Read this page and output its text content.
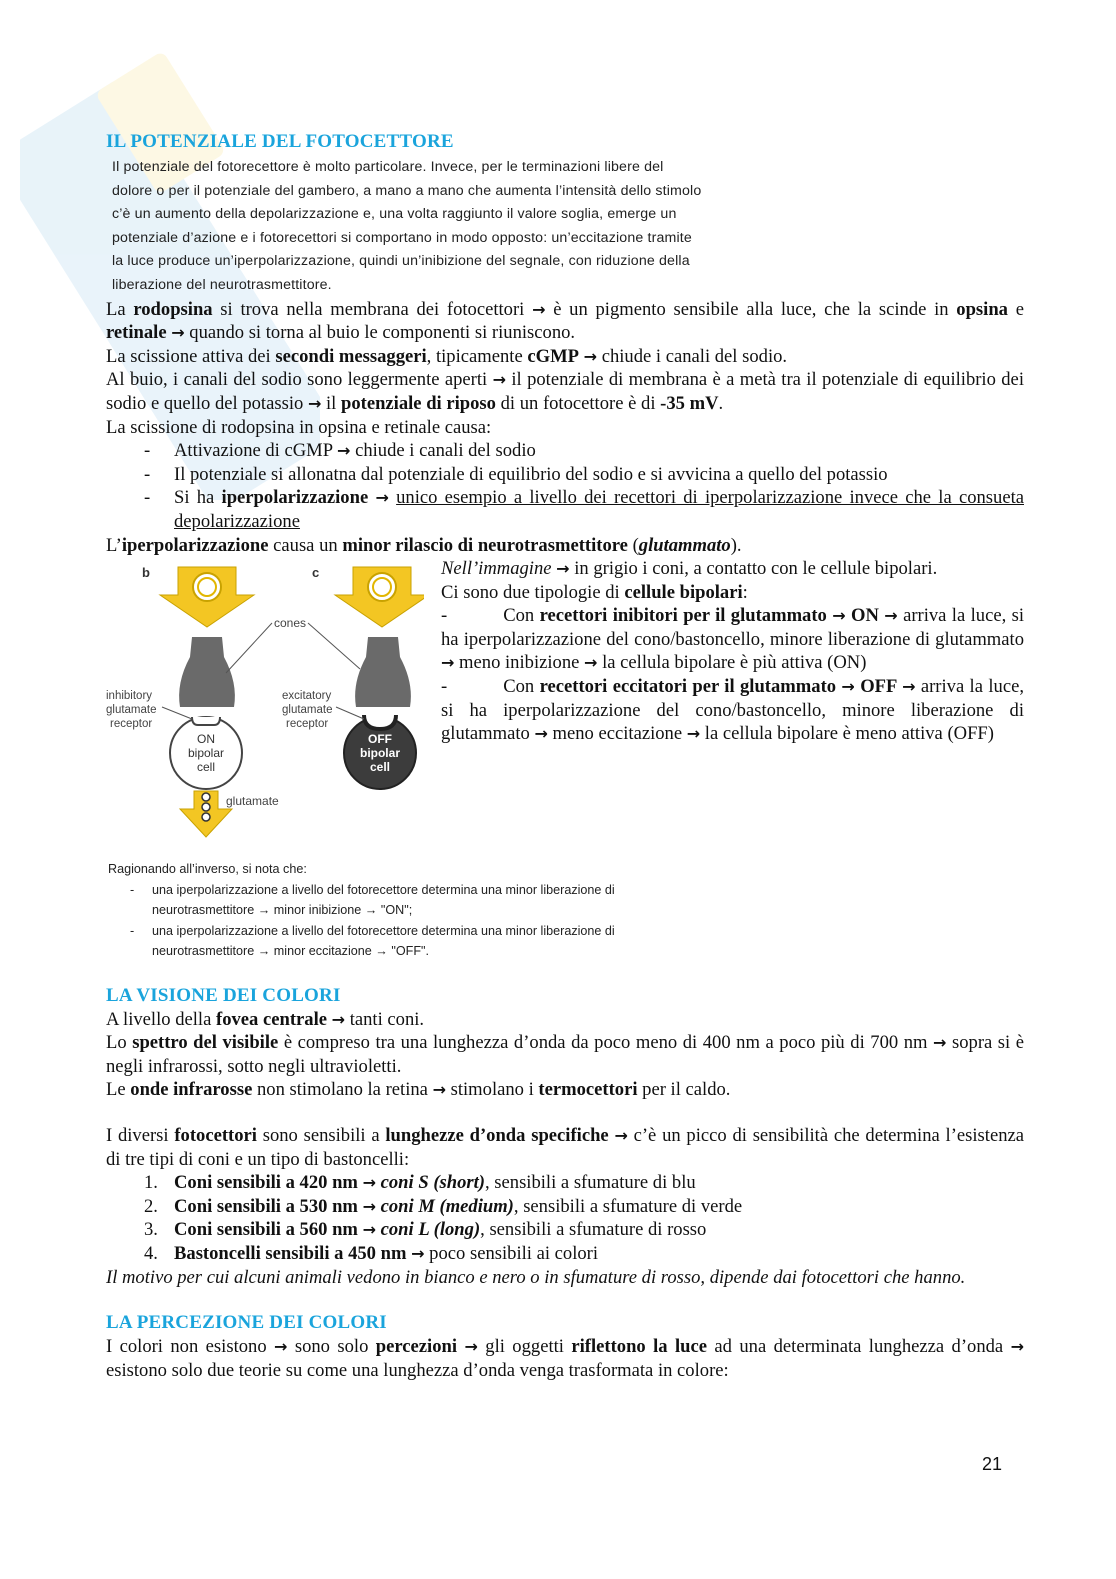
IL POTENZIALE DEL FOTOCETTORE
Il potenziale del fotorecettore è molto particolare. Invece, per le terminazioni libere del
dolore o per il potenziale del gambero, a mano a mano che aumenta l’intensità dello stimolo
c’è un aumento della depolarizzazione e, una volta raggiunto il valore soglia, emerge un
potenziale d’azione e i fotorecettori si comportano in modo opposto: un’eccitazione tramite
la luce produce un’iperpolarizzazione, quindi un’inibizione del segnale, con riduzione della
liberazione del neurotrasmettitore.

La rodopsina si trova nella membrana dei fotocettori → è un pigmento sensibile alla luce, che la scinde in opsina e retinale → quando si torna al buio le componenti si riuniscono.

La scissione attiva dei secondi messaggeri, tipicamente cGMP → chiude i canali del sodio.

Al buio, i canali del sodio sono leggermente aperti → il potenziale di membrana è a metà tra il potenziale di equilibrio dei sodio e quello del potassio → il potenziale di riposo di un fotocettore è di -35 mV.

La scissione di rodopsina in opsina e retinale causa:

- Attivazione di cGMP → chiude i canali del sodio
- Il potenziale si allonatna dal potenziale di equilibrio del sodio e si avvicina a quello del potassio
- Si ha iperpolarizzazione → unico esempio a livello dei recettori di iperpolarizzazione invece che la consueta depolarizzazione

L’iperpolarizzazione causa un minor rilascio di neurotrasmettitore (glutammato).

b	c
cones
ON
bipolar
cell
OFF
bipolar
cell
inhibitory
glutamate
receptor
excitatory
glutamate
receptor
glutamate

Nell’immagine → in grigio i coni, a contatto con le cellule bipolari.

Ci sono due tipologie di cellule bipolari:

-	Con recettori inibitori per il glutammato → ON → arriva la luce, si ha iperpolarizzazione del cono/bastoncello, minore liberazione di glutammato → meno inibizione → la cellula bipolare è più attiva (ON)

-	Con recettori eccitatori per il glutammato → OFF → arriva la luce, si ha iperpolarizzazione del cono/bastoncello, minore liberazione di glutammato → meno eccitazione → la cellula bipolare è meno attiva (OFF)

Ragionando all’inverso, si nota che:
- una iperpolarizzazione a livello del fotorecettore determina una minor liberazione di
neurotrasmettitore → minor inibizione → "ON";
- una iperpolarizzazione a livello del fotorecettore determina una minor liberazione di
neurotrasmettitore → minor eccitazione → "OFF".
LA VISIONE DEI COLORI

A livello della fovea centrale → tanti coni.

Lo spettro del visibile è compreso tra una lunghezza d’onda da poco meno di 400 nm a poco più di 700 nm → sopra si è negli infrarossi, sotto negli ultravioletti.

Le onde infrarosse non stimolano la retina → stimolano i termocettori per il caldo.

I diversi fotocettori sono sensibili a lunghezze d’onda specifiche → c’è un picco di sensibilità che determina l’esistenza di tre tipi di coni e un tipo di bastoncelli:

1. Coni sensibili a 420 nm → coni S (short), sensibili a sfumature di blu
2. Coni sensibili a 530 nm → coni M (medium), sensibili a sfumature di verde
3. Coni sensibili a 560 nm → coni L (long), sensibili a sfumature di rosso
4. Bastoncelli sensibili a 450 nm → poco sensibili ai colori

Il motivo per cui alcuni animali vedono in bianco e nero o in sfumature di rosso, dipende dai fotocettori che hanno.

LA PERCEZIONE DEI COLORI

I colori non esistono → sono solo percezioni → gli oggetti riflettono la luce ad una determinata lunghezza d’onda → esistono solo due teorie su come una lunghezza d’onda venga trasformata in colore:

21
